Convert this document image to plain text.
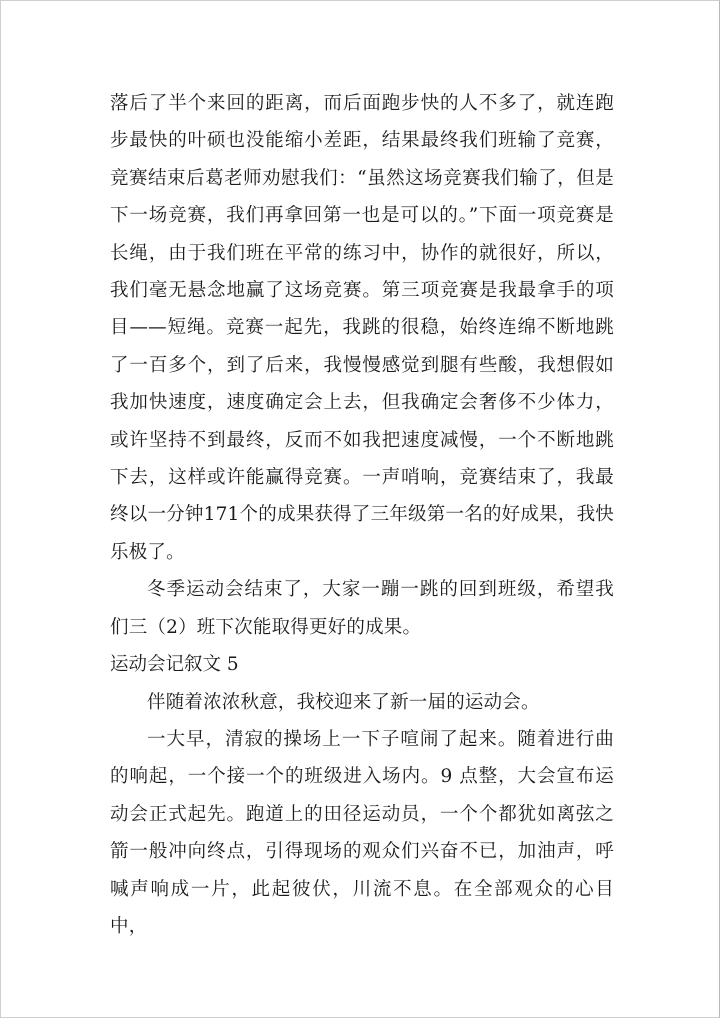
落后了半个来回的距离，而后面跑步快的人不多了，就连跑步最快的叶硕也没能缩小差距，结果最终我们班输了竞赛，竞赛结束后葛老师劝慰我们：“虽然这场竞赛我们输了，但是下一场竞赛，我们再拿回第一也是可以的。”下面一项竞赛是长绳，由于我们班在平常的练习中，协作的就很好，所以，我们毫无悬念地赢了这场竞赛。第三项竞赛是我最拿手的项目——短绳。竞赛一起先，我跳的很稳，始终连绵不断地跳了一百多个，到了后来，我慢慢感觉到腿有些酸，我想假如我加快速度，速度确定会上去，但我确定会奢侈不少体力，或许坚持不到最终，反而不如我把速度减慢，一个不断地跳下去，这样或许能赢得竞赛。一声哨响，竞赛结束了，我最终以一分钟171个的成果获得了三年级第一名的好成果，我快乐极了。

冬季运动会结束了，大家一蹦一跳的回到班级，希望我们三（2）班下次能取得更好的成果。

运动会记叙文 5

伴随着浓浓秋意，我校迎来了新一届的运动会。

一大早，清寂的操场上一下子喧闹了起来。随着进行曲的响起，一个接一个的班级进入场内。9 点整，大会宣布运动会正式起先。跑道上的田径运动员，一个个都犹如离弦之箭一般冲向终点，引得现场的观众们兴奋不已，加油声，呼喊声响成一片，此起彼伏，川流不息。在全部观众的心目中，
